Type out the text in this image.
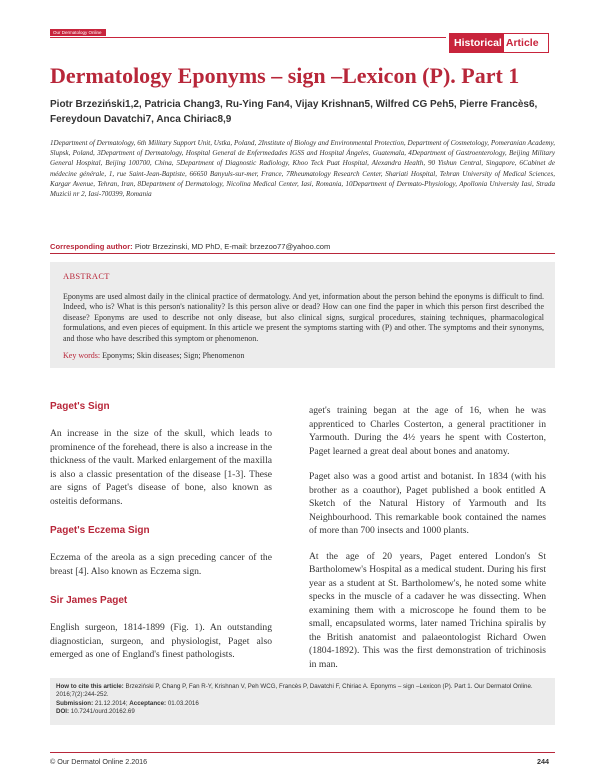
Our Dermatology Online
Historical Article
Dermatology Eponyms – sign –Lexicon (P). Part 1
Piotr Brzeziński1,2, Patricia Chang3, Ru-Ying Fan4, Vijay Krishnan5, Wilfred CG Peh5, Pierre Francès6, Fereydoun Davatchi7, Anca Chiriac8,9
1Department of Dermatology, 6th Military Support Unit, Ustka, Poland, 2Institute of Biology and Environmental Protection, Department of Cosmetology, Pomeranian Academy, Slupsk, Poland, 3Department of Dermatology, Hospital General de Enfermedades IGSS and Hospital Ángeles, Guatemala, 4Department of Gastroenterology, Beijing Military General Hospital, Beijing 100700, China, 5Department of Diagnostic Radiology, Khoo Teck Puat Hospital, Alexandra Health, 90 Yishun Central, Singapore, 6Cabinet de médecine générale, 1, rue Saint-Jean-Baptiste, 66650 Banyuls-sur-mer, France, 7Rheumatology Research Center, Shariati Hospital, Tehran University of Medical Sciences, Kargar Avenue, Tehran, Iran, 8Department of Dermatology, Nicolina Medical Center, Iasi, Romania, 10Department of Dermato-Physiology, Apollonia University Iasi, Strada Muzicii nr 2, Iasi-700399, Romania
Corresponding author: Piotr Brzezinski, MD PhD, E-mail: brzezoo77@yahoo.com
ABSTRACT
Eponyms are used almost daily in the clinical practice of dermatology. And yet, information about the person behind the eponyms is difficult to find. Indeed, who is? What is this person's nationality? Is this person alive or dead? How can one find the paper in which this person first described the disease? Eponyms are used to describe not only disease, but also clinical signs, surgical procedures, staining techniques, pharmacological formulations, and even pieces of equipment. In this article we present the symptoms starting with (P) and other. The symptoms and their synonyms, and those who have described this symptom or phenomenon.
Key words: Eponyms; Skin diseases; Sign; Phenomenon
Paget's Sign

An increase in the size of the skull, which leads to prominence of the forehead, there is also a increase in the thickness of the vault. Marked enlargement of the maxilla is also a classic presentation of the disease [1-3]. These are signs of Paget's disease of bone, also known as osteitis deformans.

Paget's Eczema Sign

Eczema of the areola as a sign preceding cancer of the breast [4]. Also known as Eczema sign.

Sir James Paget

English surgeon, 1814-1899 (Fig. 1). An outstanding diagnostician, surgeon, and physiologist, Paget also emerged as one of England's finest pathologists.

aget's training began at the age of 16, when he was apprenticed to Charles Costerton, a general practitioner in Yarmouth. During the 4½ years he spent with Costerton, Paget learned a great deal about bones and anatomy.

Paget also was a good artist and botanist. In 1834 (with his brother as a coauthor), Paget published a book entitled A Sketch of the Natural History of Yarmouth and Its Neighbourhood. This remarkable book contained the names of more than 700 insects and 1000 plants.

At the age of 20 years, Paget entered London's St Bartholomew's Hospital as a medical student. During his first year as a student at St. Bartholomew's, he noted some white specks in the muscle of a cadaver he was dissecting. When examining them with a microscope he found them to be small, encapsulated worms, later named Trichina spiralis by the British anatomist and palaeontologist Richard Owen (1804-1892). This was the first demonstration of trichinosis in man.

How to cite this article: Brzeziński P, Chang P, Fan R-Y, Krishnan V, Peh WCG, Francès P, Davatchi F, Chiriac A. Eponyms – sign –Lexicon (P). Part 1. Our Dermatol Online. 2016;7(2):244-252.
Submission: 21.12.2014; Acceptance: 01.03.2016
DOI: 10.7241/ourd.20162.69
© Our Dermatol Online 2.2016	244
